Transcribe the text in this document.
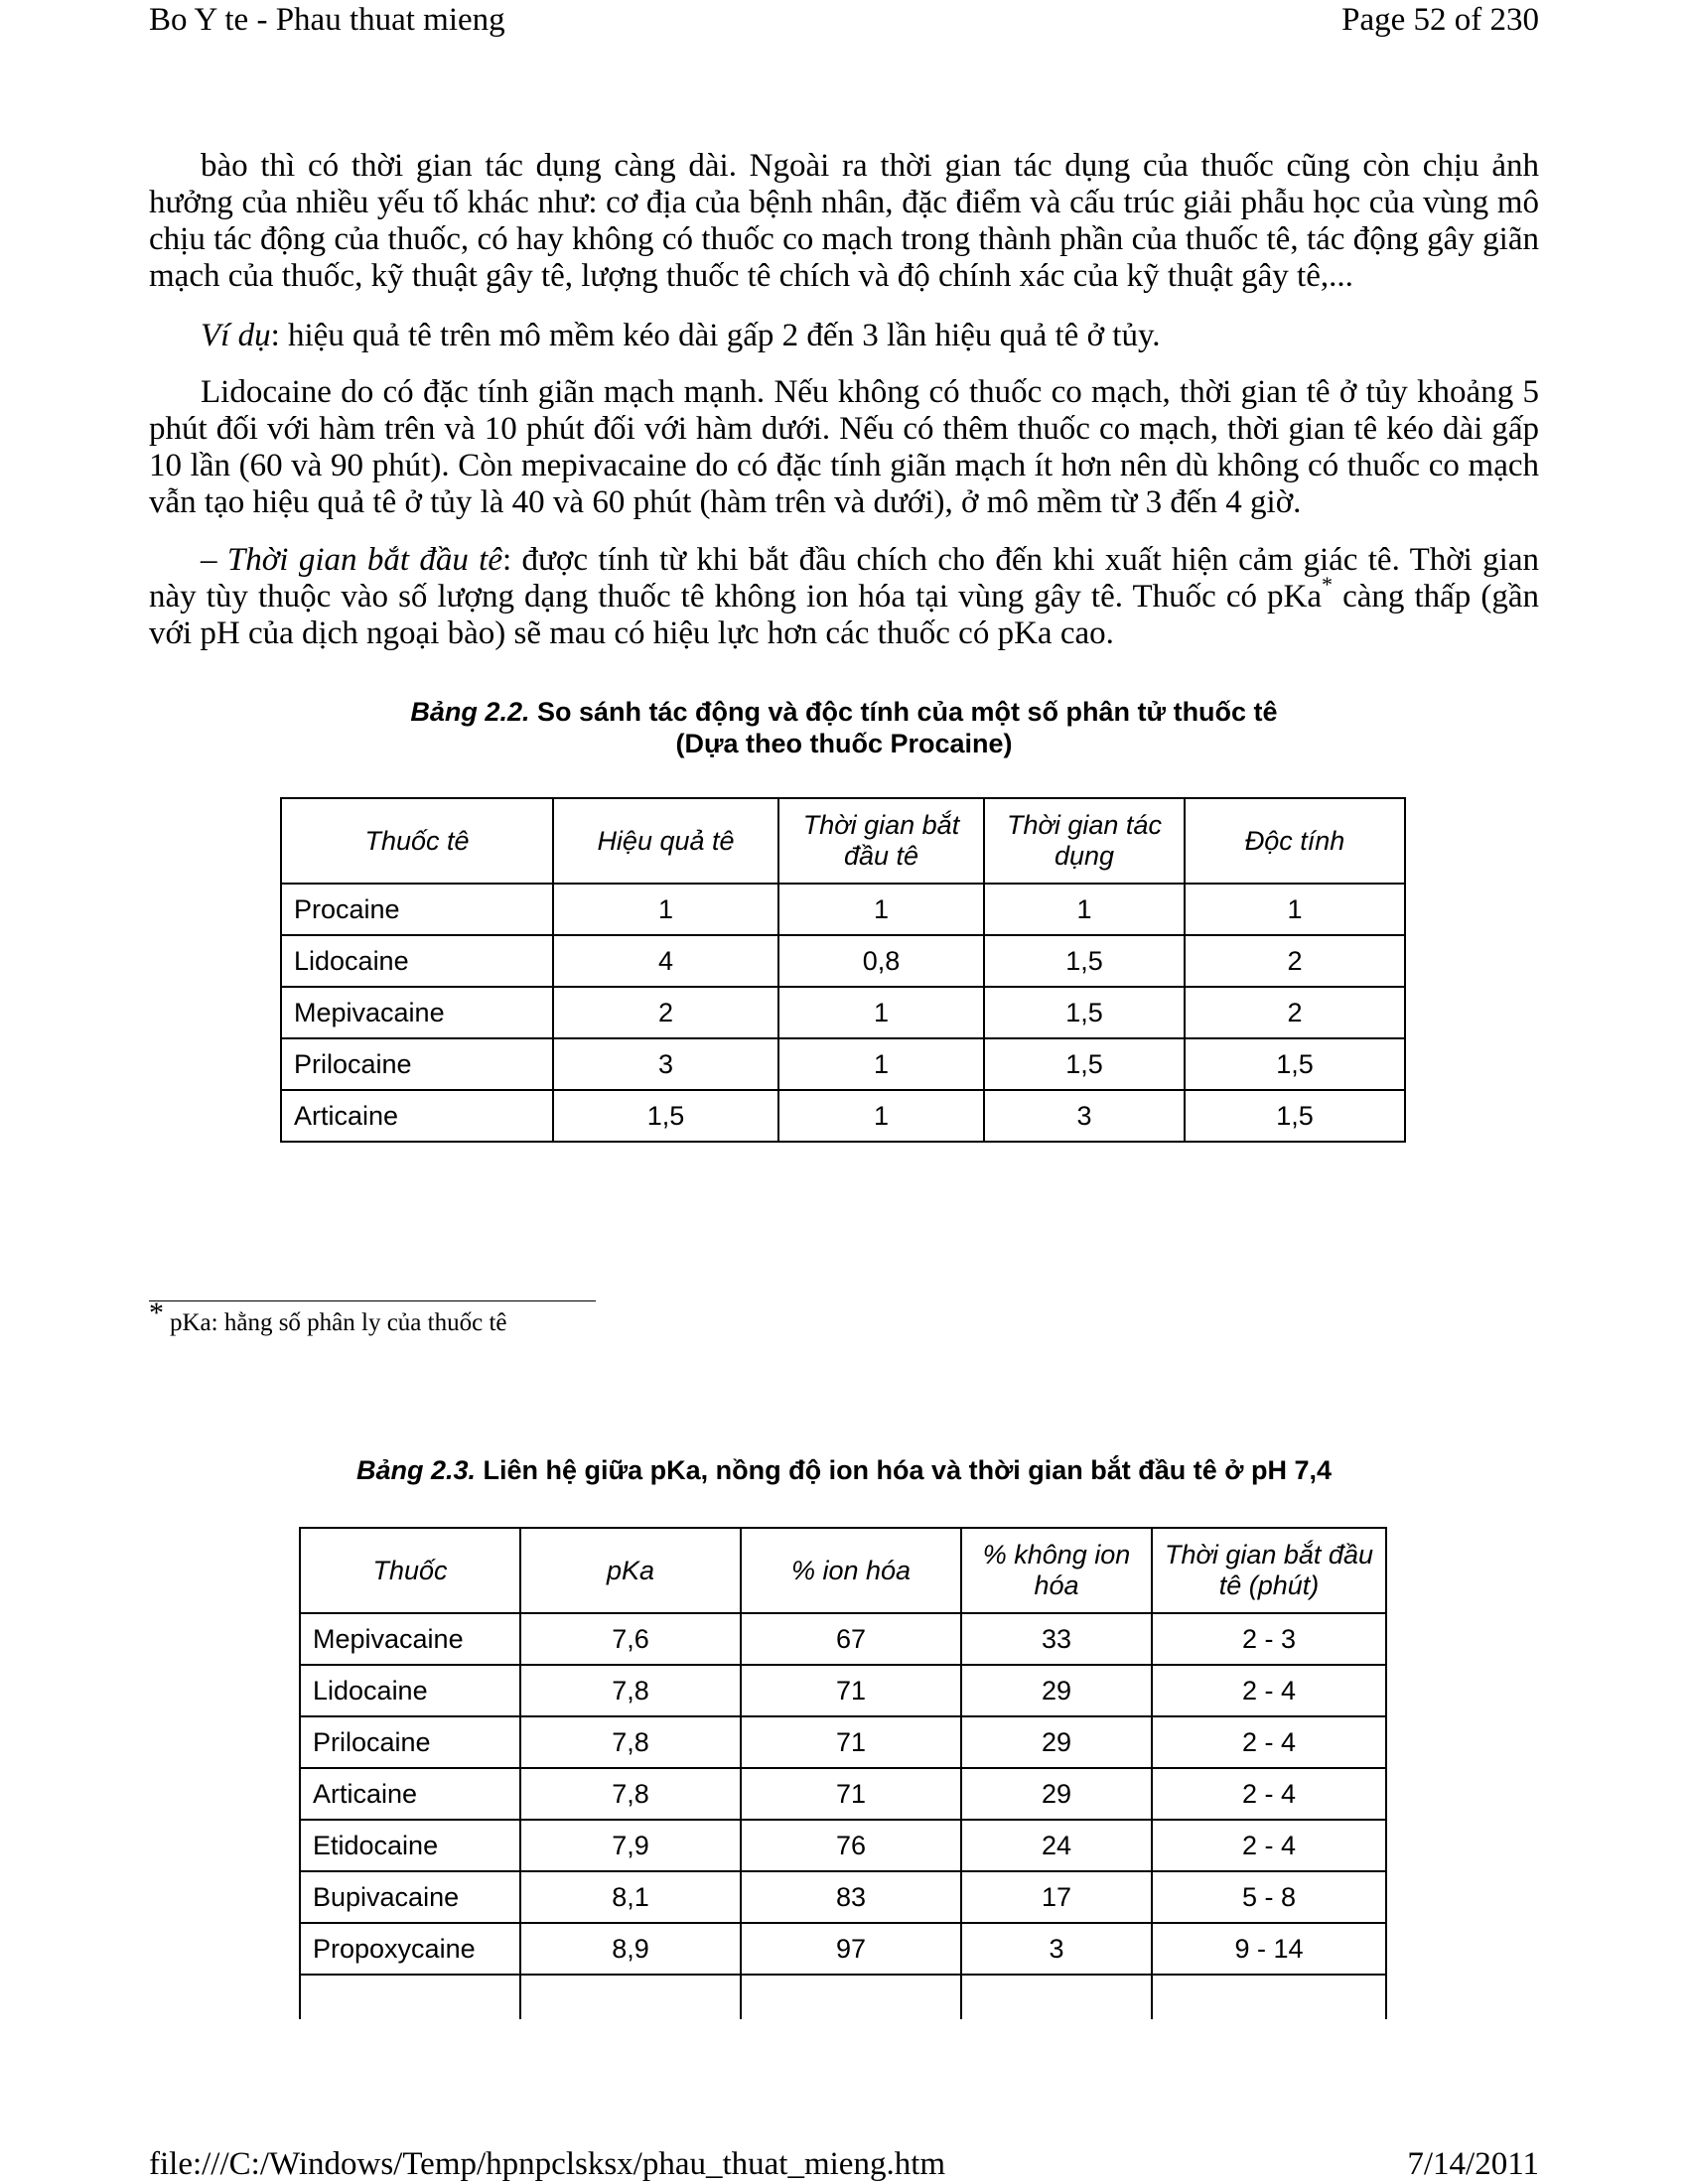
Bo Y te - Phau thuat mieng	Page 52 of 230
bào thì có thời gian tác dụng càng dài. Ngoài ra thời gian tác dụng của thuốc cũng còn chịu ảnh hưởng của nhiều yếu tố khác như: cơ địa của bệnh nhân, đặc điểm và cấu trúc giải phẫu học của vùng mô chịu tác động của thuốc, có hay không có thuốc co mạch trong thành phần của thuốc tê, tác động gây giãn mạch của thuốc, kỹ thuật gây tê, lượng thuốc tê chích và độ chính xác của kỹ thuật gây tê,...
Ví dụ: hiệu quả tê trên mô mềm kéo dài gấp 2 đến 3 lần hiệu quả tê ở tủy.
Lidocaine do có đặc tính giãn mạch mạnh. Nếu không có thuốc co mạch, thời gian tê ở tủy khoảng 5 phút đối với hàm trên và 10 phút đối với hàm dưới. Nếu có thêm thuốc co mạch, thời gian tê kéo dài gấp 10 lần (60 và 90 phút). Còn mepivacaine do có đặc tính giãn mạch ít hơn nên dù không có thuốc co mạch vẫn tạo hiệu quả tê ở tủy là 40 và 60 phút (hàm trên và dưới), ở mô mềm từ 3 đến 4 giờ.
– Thời gian bắt đầu tê: được tính từ khi bắt đầu chích cho đến khi xuất hiện cảm giác tê. Thời gian này tùy thuộc vào số lượng dạng thuốc tê không ion hóa tại vùng gây tê. Thuốc có pKa* càng thấp (gần với pH của dịch ngoại bào) sẽ mau có hiệu lực hơn các thuốc có pKa cao.
Bảng 2.2. So sánh tác động và độc tính của một số phân tử thuốc tê
(Dựa theo thuốc Procaine)
Thuốc tê	Hiệu quả tê	Thời gian bắt đầu tê	Thời gian tác dụng	Độc tính
Procaine	1	1	1	1
Lidocaine	4	0,8	1,5	2
Mepivacaine	2	1	1,5	2
Prilocaine	3	1	1,5	1,5
Articaine	1,5	1	3	1,5
* pKa: hằng số phân ly của thuốc tê
Bảng 2.3. Liên hệ giữa pKa, nồng độ ion hóa và thời gian bắt đầu tê ở pH 7,4
Thuốc	pKa	% ion hóa	% không ion hóa	Thời gian bắt đầu tê (phút)
Mepivacaine	7,6	67	33	2 - 3
Lidocaine	7,8	71	29	2 - 4
Prilocaine	7,8	71	29	2 - 4
Articaine	7,8	71	29	2 - 4
Etidocaine	7,9	76	24	2 - 4
Bupivacaine	8,1	83	17	5 - 8
Propoxycaine	8,9	97	3	9 - 14

file:///C:/Windows/Temp/hpnpclsksx/phau_thuat_mieng.htm	7/14/2011
